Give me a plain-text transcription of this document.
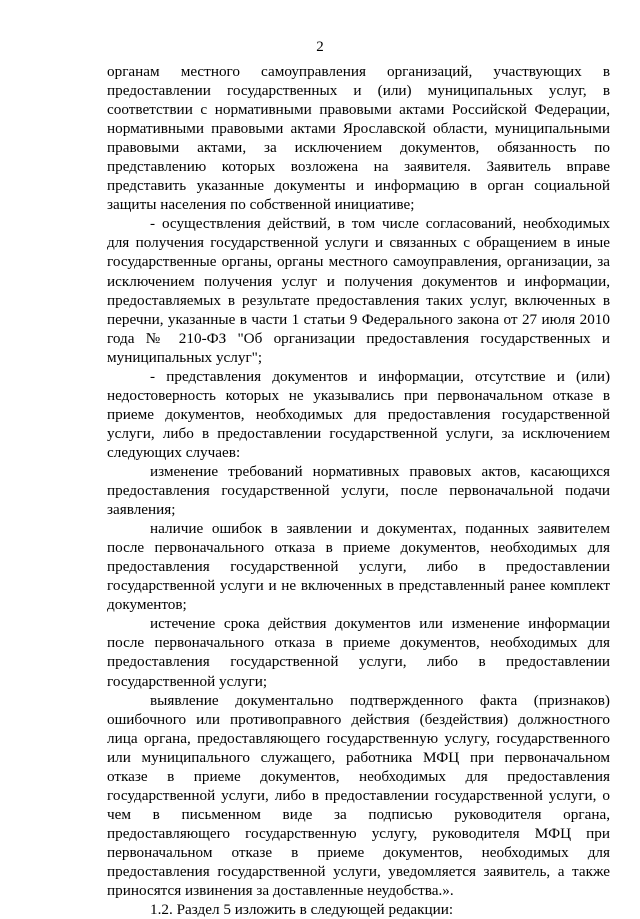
2

органам местного самоуправления организаций, участвующих в предоставлении государственных и (или) муниципальных услуг, в соответствии с нормативными правовыми актами Российской Федерации, нормативными правовыми актами Ярославской области, муниципальными правовыми актами, за исключением документов, обязанность по представлению которых возложена на заявителя. Заявитель вправе представить указанные документы и информацию в орган социальной защиты населения по собственной инициативе;

- осуществления действий, в том числе согласований, необходимых для получения государственной услуги и связанных с обращением в иные государственные органы, органы местного самоуправления, организации, за исключением получения услуг и получения документов и информации, предоставляемых в результате предоставления таких услуг, включенных в перечни, указанные в части 1 статьи 9 Федерального закона от 27 июля 2010 года № 210-ФЗ "Об организации предоставления государственных и муниципальных услуг";

- представления документов и информации, отсутствие и (или) недостоверность которых не указывались при первоначальном отказе в приеме документов, необходимых для предоставления государственной услуги, либо в предоставлении государственной услуги, за исключением следующих случаев:

изменение требований нормативных правовых актов, касающихся предоставления государственной услуги, после первоначальной подачи заявления;

наличие ошибок в заявлении и документах, поданных заявителем после первоначального отказа в приеме документов, необходимых для предоставления государственной услуги, либо в предоставлении государственной услуги и не включенных в представленный ранее комплект документов;

истечение срока действия документов или изменение информации после первоначального отказа в приеме документов, необходимых для предоставления государственной услуги, либо в предоставлении государственной услуги;

выявление документально подтвержденного факта (признаков) ошибочного или противоправного действия (бездействия) должностного лица органа, предоставляющего государственную услугу, государственного или муниципального служащего, работника МФЦ при первоначальном отказе в приеме документов, необходимых для предоставления государственной услуги, либо в предоставлении государственной услуги, о чем в письменном виде за подписью руководителя органа, предоставляющего государственную услугу, руководителя МФЦ при первоначальном отказе в приеме документов, необходимых для предоставления государственной услуги, уведомляется заявитель, а также приносятся извинения за доставленные неудобства.».

1.2. Раздел 5 изложить в следующей редакции:
